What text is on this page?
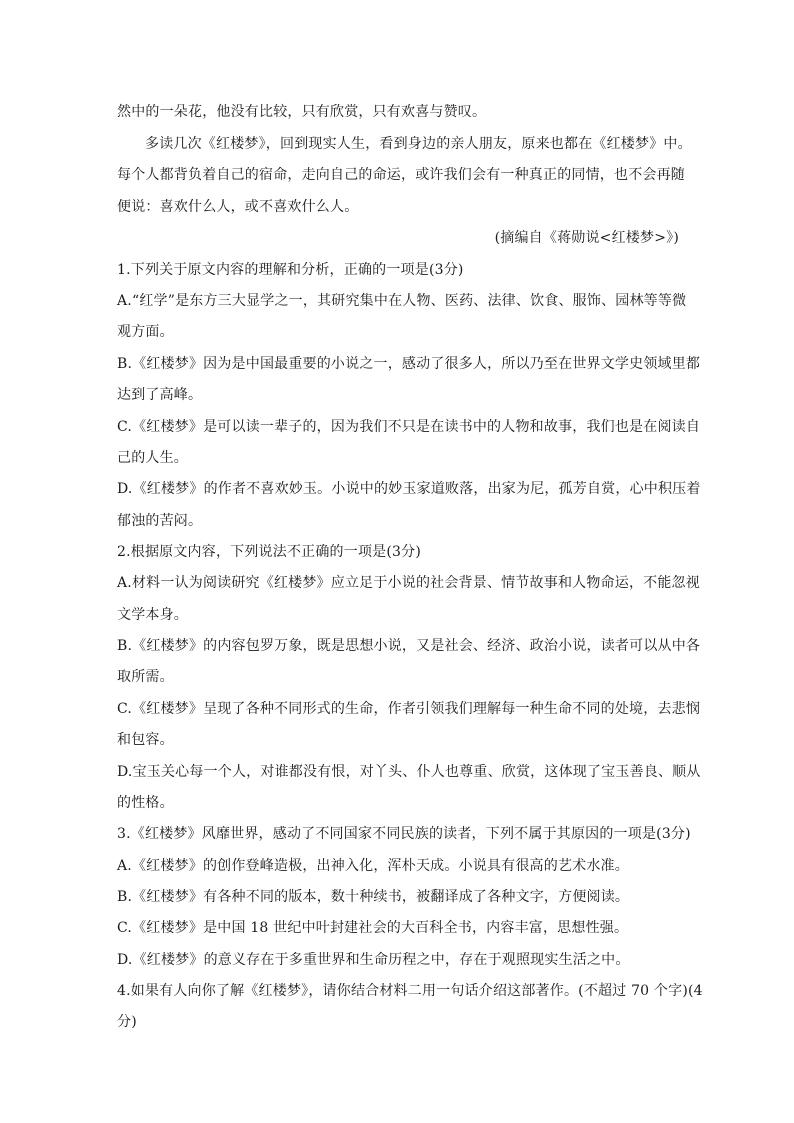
然中的一朵花，他没有比较，只有欣赏，只有欢喜与赞叹。
多读几次《红楼梦》，回到现实人生，看到身边的亲人朋友，原来也都在《红楼梦》中。
每个人都背负着自己的宿命，走向自己的命运，或许我们会有一种真正的同情，也不会再随
便说：喜欢什么人，或不喜欢什么人。
(摘编自《蒋勋说<红楼梦>》)
1.下列关于原文内容的理解和分析，正确的一项是(3分)
A.“红学”是东方三大显学之一，其研究集中在人物、医药、法律、饮食、服饰、园林等等微
观方面。
B.《红楼梦》因为是中国最重要的小说之一，感动了很多人，所以乃至在世界文学史领域里都
达到了高峰。
C.《红楼梦》是可以读一辈子的，因为我们不只是在读书中的人物和故事，我们也是在阅读自
己的人生。
D.《红楼梦》的作者不喜欢妙玉。小说中的妙玉家道败落，出家为尼，孤芳自赏，心中积压着
郁浊的苦闷。
2.根据原文内容，下列说法不正确的一项是(3分)
A.材料一认为阅读研究《红楼梦》应立足于小说的社会背景、情节故事和人物命运，不能忽视
文学本身。
B.《红楼梦》的内容包罗万象，既是思想小说，又是社会、经济、政治小说，读者可以从中各
取所需。
C.《红楼梦》呈现了各种不同形式的生命，作者引领我们理解每一种生命不同的处境，去悲悯
和包容。
D.宝玉关心每一个人，对谁都没有恨，对丫头、仆人也尊重、欣赏，这体现了宝玉善良、顺从
的性格。
3.《红楼梦》风靡世界，感动了不同国家不同民族的读者，下列不属于其原因的一项是(3分)
A.《红楼梦》的创作登峰造极，出神入化，浑朴天成。小说具有很高的艺术水准。
B.《红楼梦》有各种不同的版本，数十种续书，被翻译成了各种文字，方便阅读。
C.《红楼梦》是中国 18 世纪中叶封建社会的大百科全书，内容丰富，思想性强。
D.《红楼梦》的意义存在于多重世界和生命历程之中，存在于观照现实生活之中。
4.如果有人向你了解《红楼梦》，请你结合材料二用一句话介绍这部著作。(不超过 70 个字)(4
分)
